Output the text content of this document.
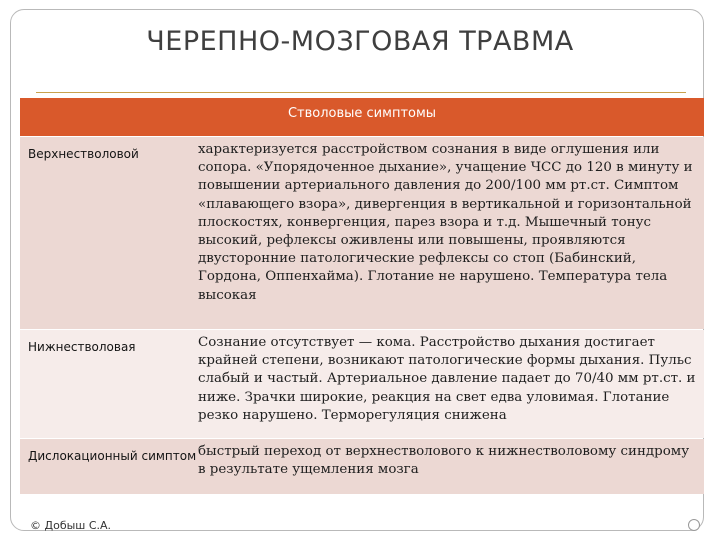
ЧЕРЕПНО-МОЗГОВАЯ ТРАВМА
Стволовые симптомы
Верхнестволовой	характеризуется расстройством сознания в виде оглушения или сопора. «Упорядоченное дыхание», учащение ЧСС до 120 в минуту и повышении артериального давления до 200/100 мм рт.ст. Симптом «плавающего взора», дивергенция в вертикальной и горизонтальной плоскостях, конвергенция, парез взора и т.д. Мышечный тонус высокий, рефлексы оживлены или повышены, проявляются двусторонние патологические рефлексы со стоп (Бабинский, Гордона, Оппенхайма). Глотание не нарушено. Температура тела высокая
Нижнестволовая	Сознание отсутствует — кома. Расстройство дыхания достигает крайней степени, возникают патологические формы дыхания. Пульс слабый и частый. Артериальное давление падает до 70/40 мм рт.ст. и ниже. Зрачки широкие, реакция на свет едва уловимая. Глотание резко нарушено. Терморегуляция снижена
Дислокационный симптом быстрый переход от верхнестволового к нижнестволовому синдрому в результате ущемления мозга
© Добыш С.А.
